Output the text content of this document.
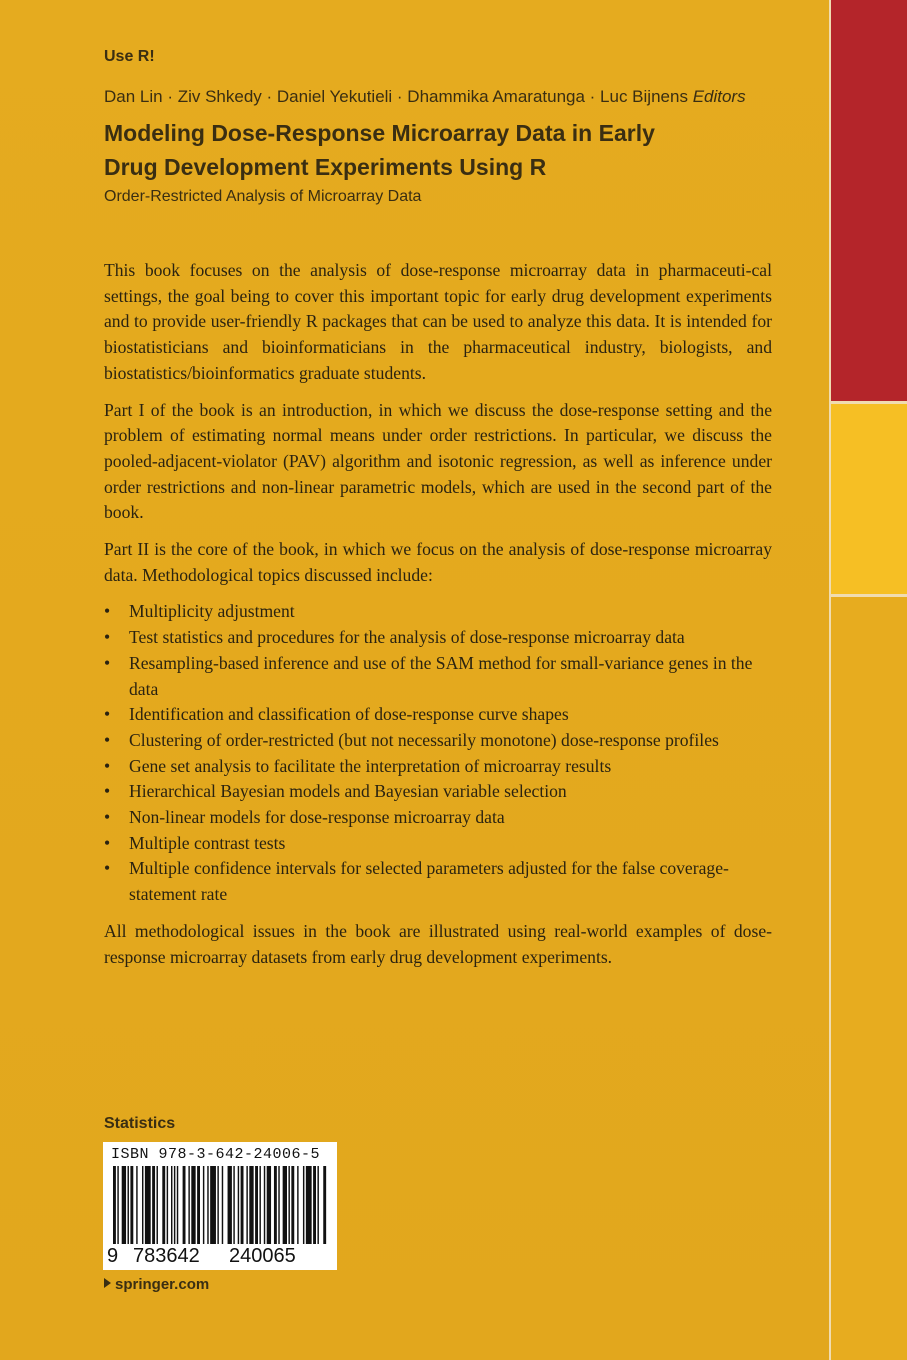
Use R!
Dan Lin · Ziv Shkedy · Daniel Yekutieli · Dhammika Amaratunga · Luc Bijnens Editors
Modeling Dose-Response Microarray Data in Early
Drug Development Experiments Using R
Order-Restricted Analysis of Microarray Data

This book focuses on the analysis of dose-response microarray data in pharmaceuti-cal settings, the goal being to cover this important topic for early drug development experiments and to provide user-friendly R packages that can be used to analyze this data. It is intended for biostatisticians and bioinformaticians in the pharmaceutical industry, biologists, and biostatistics/bioinformatics graduate students.

Part I of the book is an introduction, in which we discuss the dose-response setting and the problem of estimating normal means under order restrictions. In particular, we discuss the pooled-adjacent-violator (PAV) algorithm and isotonic regression, as well as inference under order restrictions and non-linear parametric models, which are used in the second part of the book.

Part II is the core of the book, in which we focus on the analysis of dose-response microarray data. Methodological topics discussed include:

• Multiplicity adjustment
• Test statistics and procedures for the analysis of dose-response microarray data
• Resampling-based inference and use of the SAM method for small-variance genes in the data
• Identification and classification of dose-response curve shapes
• Clustering of order-restricted (but not necessarily monotone) dose-response profiles
• Gene set analysis to facilitate the interpretation of microarray results
• Hierarchical Bayesian models and Bayesian variable selection
• Non-linear models for dose-response microarray data
• Multiple contrast tests
• Multiple confidence intervals for selected parameters adjusted for the false coverage-statement rate

All methodological issues in the book are illustrated using real-world examples of dose-response microarray datasets from early drug development experiments.

Statistics
ISBN 978-3-642-24006-5
9 783642 240065
springer.com
